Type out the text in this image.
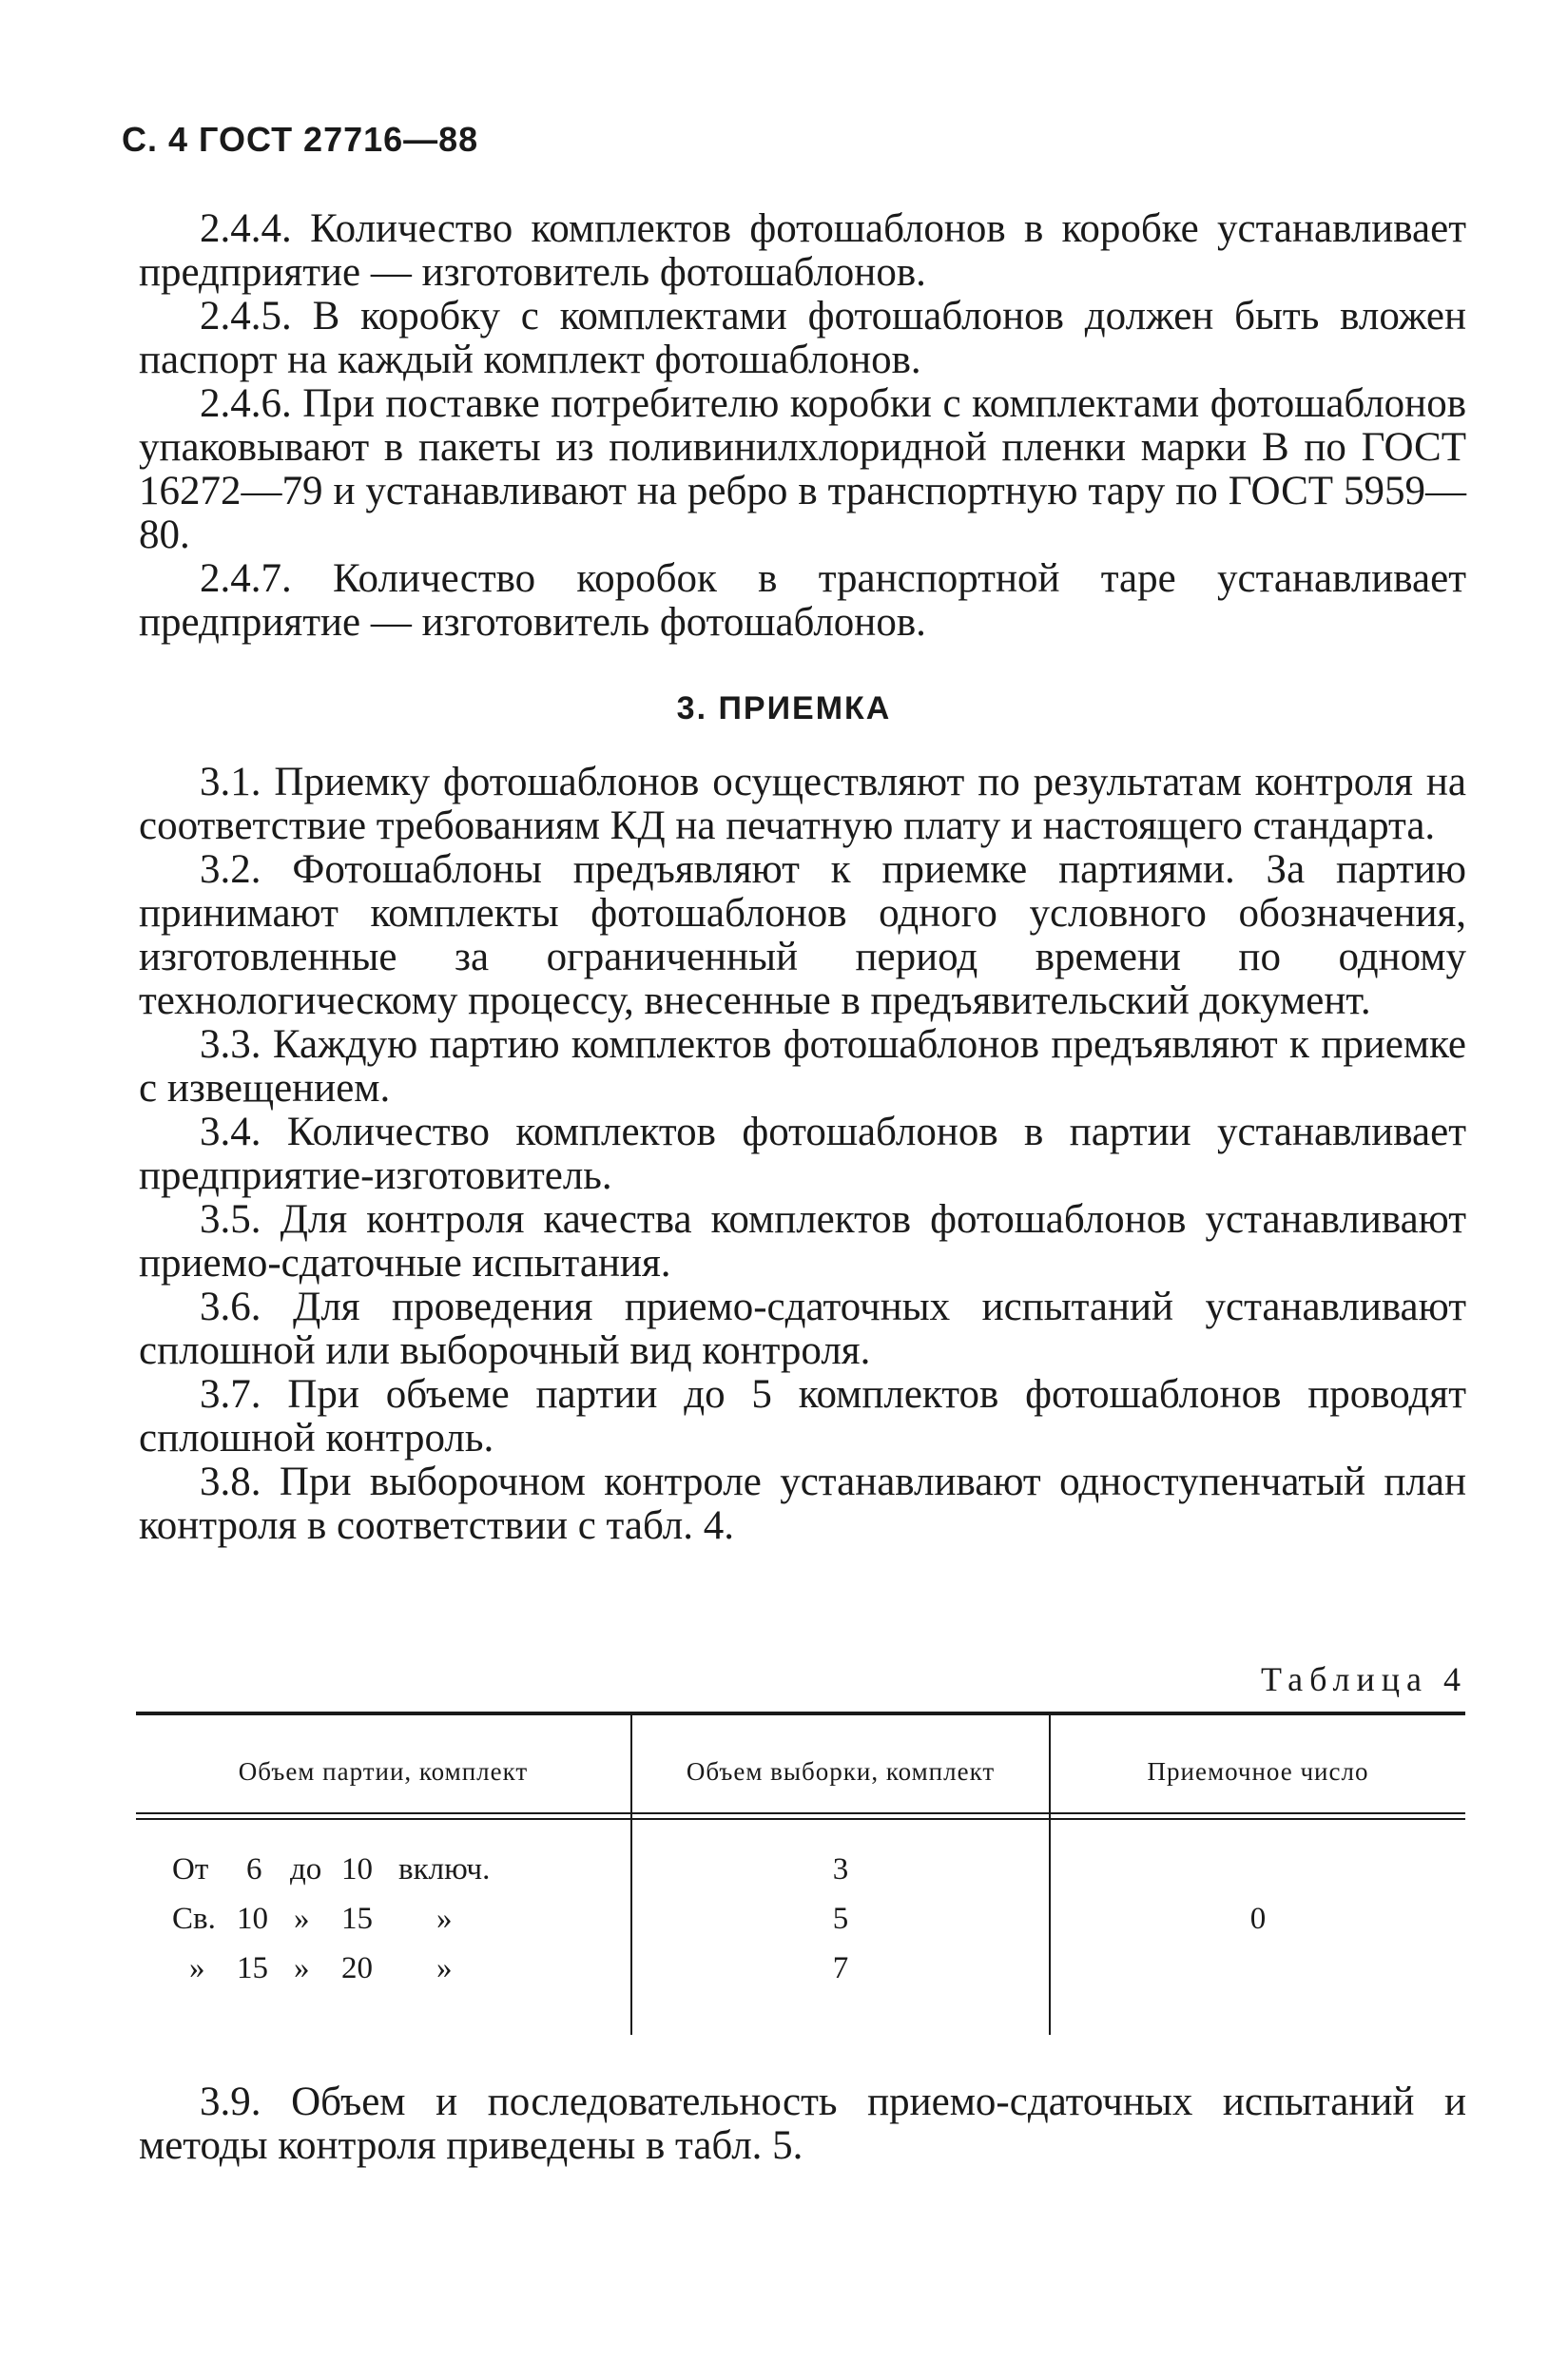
С. 4 ГОСТ 27716—88

2.4.4. Количество комплектов фотошаблонов в коробке устанавливает предприятие — изготовитель фотошаблонов.

2.4.5. В коробку с комплектами фотошаблонов должен быть вложен паспорт на каждый комплект фотошаблонов.

2.4.6. При поставке потребителю коробки с комплектами фотошаблонов упаковывают в пакеты из поливинилхлоридной пленки марки В по ГОСТ 16272—79 и устанавливают на ребро в транспортную тару по ГОСТ 5959—80.

2.4.7. Количество коробок в транспортной таре устанавливает предприятие — изготовитель фотошаблонов.

3. ПРИЕМКА

3.1. Приемку фотошаблонов осуществляют по результатам контроля на соответствие требованиям КД на печатную плату и настоящего стандарта.

3.2. Фотошаблоны предъявляют к приемке партиями. За партию принимают комплекты фотошаблонов одного условного обозначения, изготовленные за ограниченный период времени по одному технологическому процессу, внесенные в предъявительский документ.

3.3. Каждую партию комплектов фотошаблонов предъявляют к приемке с извещением.

3.4. Количество комплектов фотошаблонов в партии устанавливает предприятие-изготовитель.

3.5. Для контроля качества комплектов фотошаблонов устанавливают приемо-сдаточные испытания.

3.6. Для проведения приемо-сдаточных испытаний устанавливают сплошной или выборочный вид контроля.

3.7. При объеме партии до 5 комплектов фотошаблонов проводят сплошной контроль.

3.8. При выборочном контроле устанавливают одноступенчатый план контроля в соответствии с табл. 4.

Таблица 4
Объем партии, комплект	Объем выборки, комплект	Приемочное число
От 6 до 10 включ.
Св. 10 » 15 »
» 15 » 20 »
3
5
7
0

3.9. Объем и последовательность приемо-сдаточных испытаний и методы контроля приведены в табл. 5.
